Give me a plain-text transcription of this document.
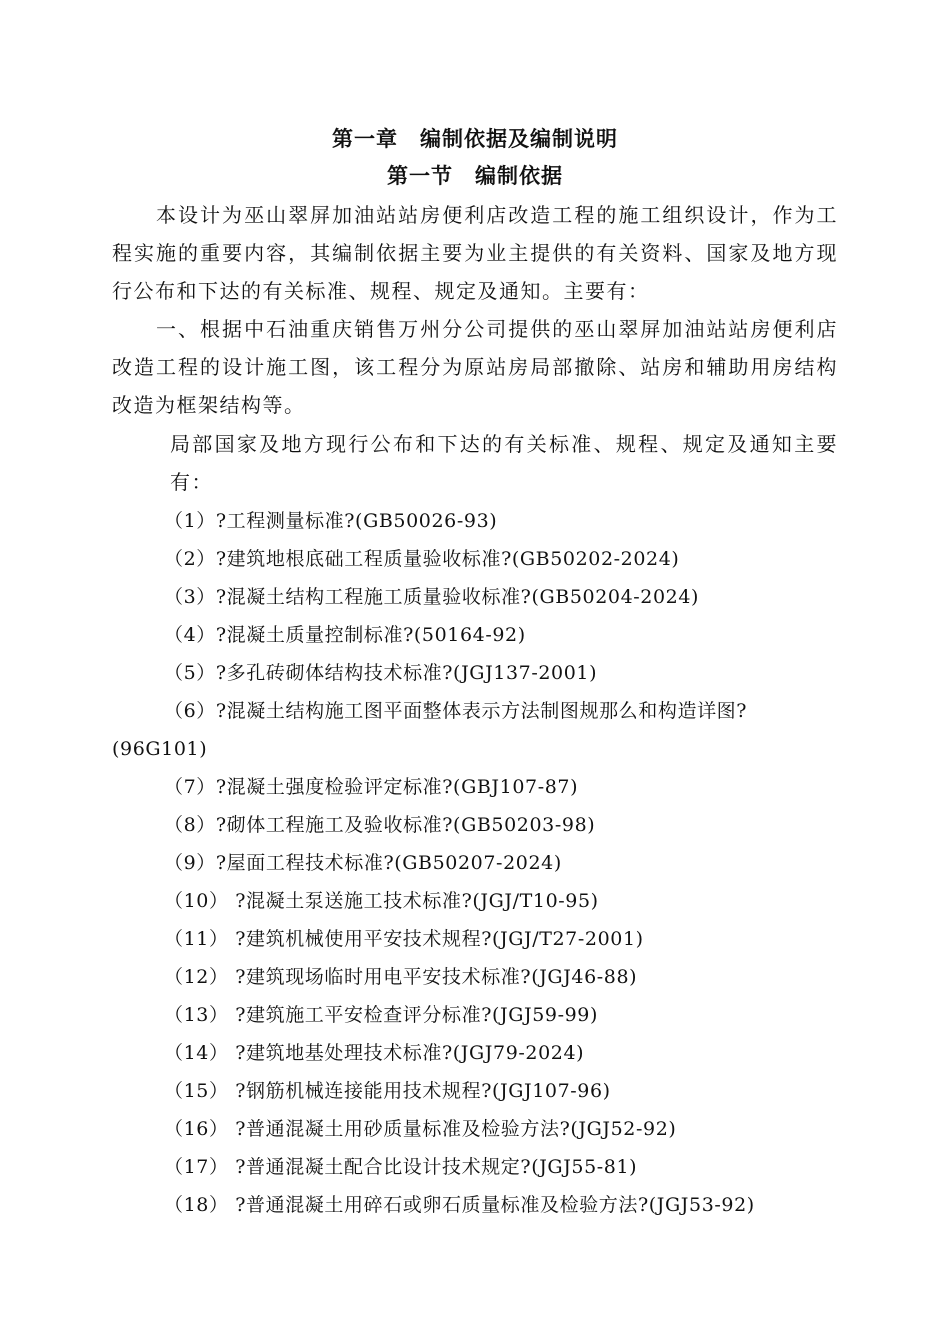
第一章 编制依据及编制说明
第一节 编制依据

本设计为巫山翠屏加油站站房便利店改造工程的施工组织设计，作为工程实施的重要内容，其编制依据主要为业主提供的有关资料、国家及地方现行公布和下达的有关标准、规程、规定及通知。主要有：

一、根据中石油重庆销售万州分公司提供的巫山翠屏加油站站房便利店改造工程的设计施工图，该工程分为原站房局部撤除、站房和辅助用房结构改造为框架结构等。

局部国家及地方现行公布和下达的有关标准、规程、规定及通知主要有：

（1）?工程测量标准?(GB50026-93)
（2）?建筑地根底础工程质量验收标准?(GB50202-2024)
（3）?混凝土结构工程施工质量验收标准?(GB50204-2024)
（4）?混凝土质量控制标准?(50164-92)
（5）?多孔砖砌体结构技术标准?(JGJ137-2001)
（6）?混凝土结构施工图平面整体表示方法制图规那么和构造详图?(96G101)
（7）?混凝土强度检验评定标准?(GBJ107-87)
（8）?砌体工程施工及验收标准?(GB50203-98)
（9）?屋面工程技术标准?(GB50207-2024)
（10） ?混凝土泵送施工技术标准?(JGJ/T10-95)
（11） ?建筑机械使用平安技术规程?(JGJ/T27-2001)
（12） ?建筑现场临时用电平安技术标准?(JGJ46-88)
（13） ?建筑施工平安检查评分标准?(JGJ59-99)
（14） ?建筑地基处理技术标准?(JGJ79-2024)
（15） ?钢筋机械连接能用技术规程?(JGJ107-96)
（16） ?普通混凝土用砂质量标准及检验方法?(JGJ52-92)
（17） ?普通混凝土配合比设计技术规定?(JGJ55-81)
（18） ?普通混凝土用碎石或卵石质量标准及检验方法?(JGJ53-92)
